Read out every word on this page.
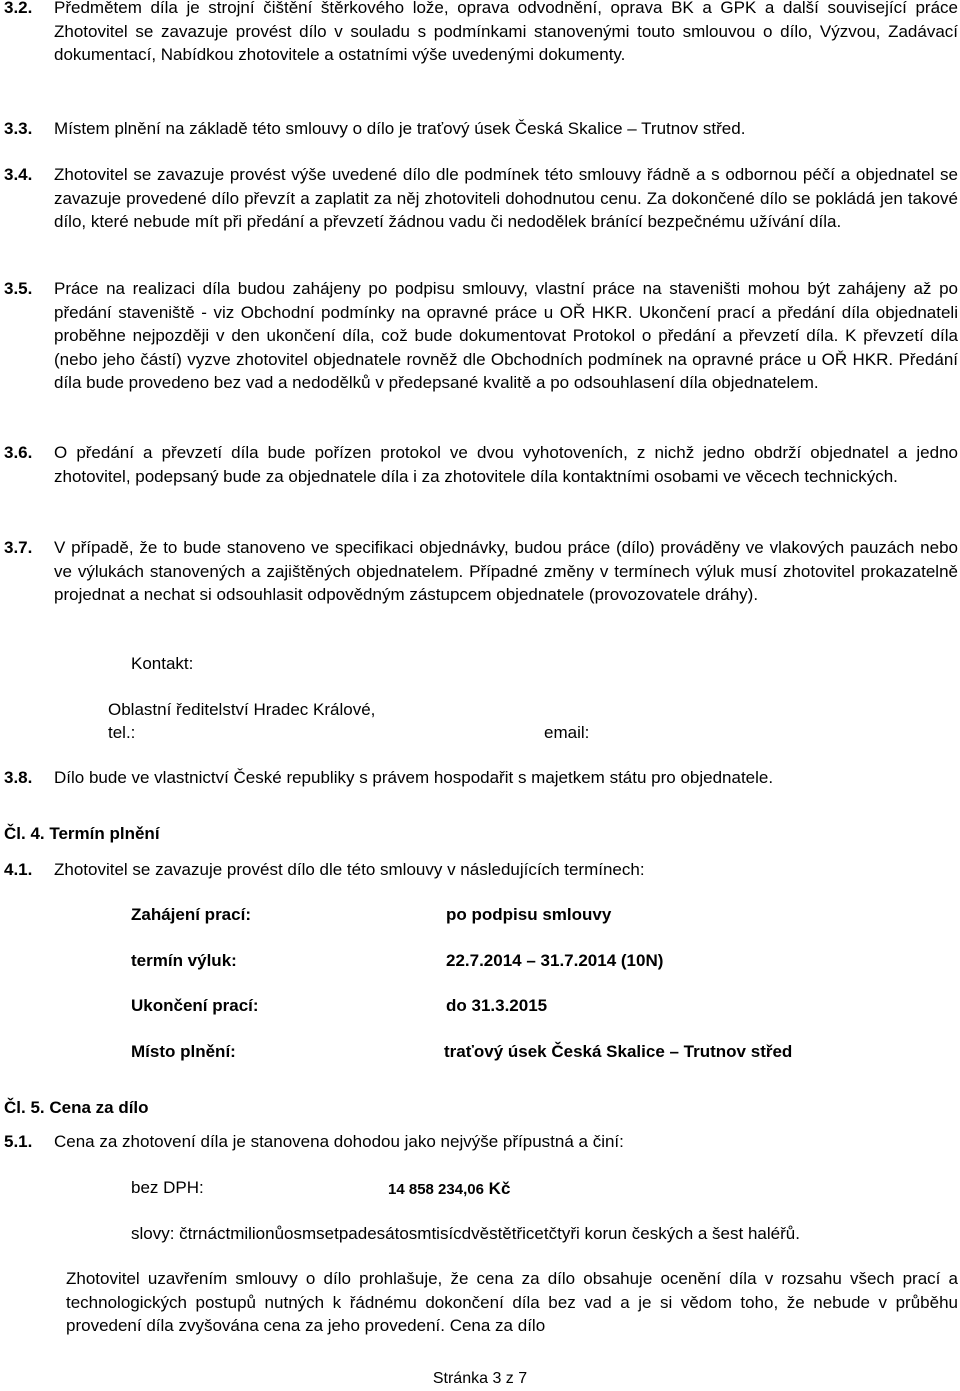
3.2.	Předmětem díla je strojní čištění štěrkového lože, oprava odvodnění, oprava BK a GPK a další související práce Zhotovitel se zavazuje provést dílo v souladu s podmínkami stanovenými touto smlouvou o dílo, Výzvou, Zadávací dokumentací, Nabídkou zhotovitele a ostatními výše uvedenými dokumenty.
3.3.	Místem plnění na základě této smlouvy o dílo je traťový úsek Česká Skalice – Trutnov střed.
3.4.	Zhotovitel se zavazuje provést výše uvedené dílo dle podmínek této smlouvy řádně a s odbornou péčí a objednatel se zavazuje provedené dílo převzít a zaplatit za něj zhotoviteli dohodnutou cenu. Za dokončené dílo se pokládá jen takové dílo, které nebude mít při předání a převzetí žádnou vadu či nedodělek bránící bezpečnému užívání díla.
3.5.	Práce na realizaci díla budou zahájeny po podpisu smlouvy, vlastní práce na staveništi mohou být zahájeny až po předání staveniště - viz Obchodní podmínky na opravné práce u OŘ HKR. Ukončení prací a předání díla objednateli proběhne nejpozději v den ukončení díla, což bude dokumentovat Protokol o předání a převzetí díla. K převzetí díla (nebo jeho částí) vyzve zhotovitel objednatele rovněž dle Obchodních podmínek na opravné práce u OŘ HKR. Předání díla bude provedeno bez vad a nedodělků v předepsané kvalitě a po odsouhlasení díla objednatelem.
3.6.	O předání a převzetí díla bude pořízen protokol ve dvou vyhotoveních, z nichž jedno obdrží objednatel a jedno zhotovitel, podepsaný bude za objednatele díla i za zhotovitele díla kontaktními osobami ve věcech technických.
3.7.	V případě, že to bude stanoveno ve specifikaci objednávky, budou práce (dílo) prováděny ve vlakových pauzách nebo ve výlukách stanovených a zajištěných objednatelem. Případné změny v termínech výluk musí zhotovitel prokazatelně projednat a nechat si odsouhlasit odpovědným zástupcem objednatele (provozovatele dráhy).
Kontakt:
Oblastní ředitelství Hradec Králové,
tel.:	email:
3.8.	Dílo bude ve vlastnictví České republiky s právem hospodařit s majetkem státu pro objednatele.
Čl. 4. Termín plnění
4.1.	Zhotovitel se zavazuje provést dílo dle této smlouvy v následujících termínech:
Zahájení prací:	po podpisu smlouvy
termín výluk:	22.7.2014 – 31.7.2014 (10N)
Ukončení prací:	do 31.3.2015
Místo plnění:	traťový úsek Česká Skalice – Trutnov střed
Čl. 5. Cena za dílo
5.1.	Cena za zhotovení díla je stanovena dohodou jako nejvýše přípustná a činí:
bez DPH:	14 858 234,06 Kč
slovy: čtrnáctmilionůosmsetpadesátosmtisícdvěstětřicetčtyři korun českých a šest haléřů.
Zhotovitel uzavřením smlouvy o dílo prohlašuje, že cena za dílo obsahuje ocenění díla v rozsahu všech prací a technologických postupů nutných k řádnému dokončení díla bez vad a je si vědom toho, že nebude v průběhu provedení díla zvyšována cena za jeho provedení. Cena za dílo
Stránka 3 z 7
